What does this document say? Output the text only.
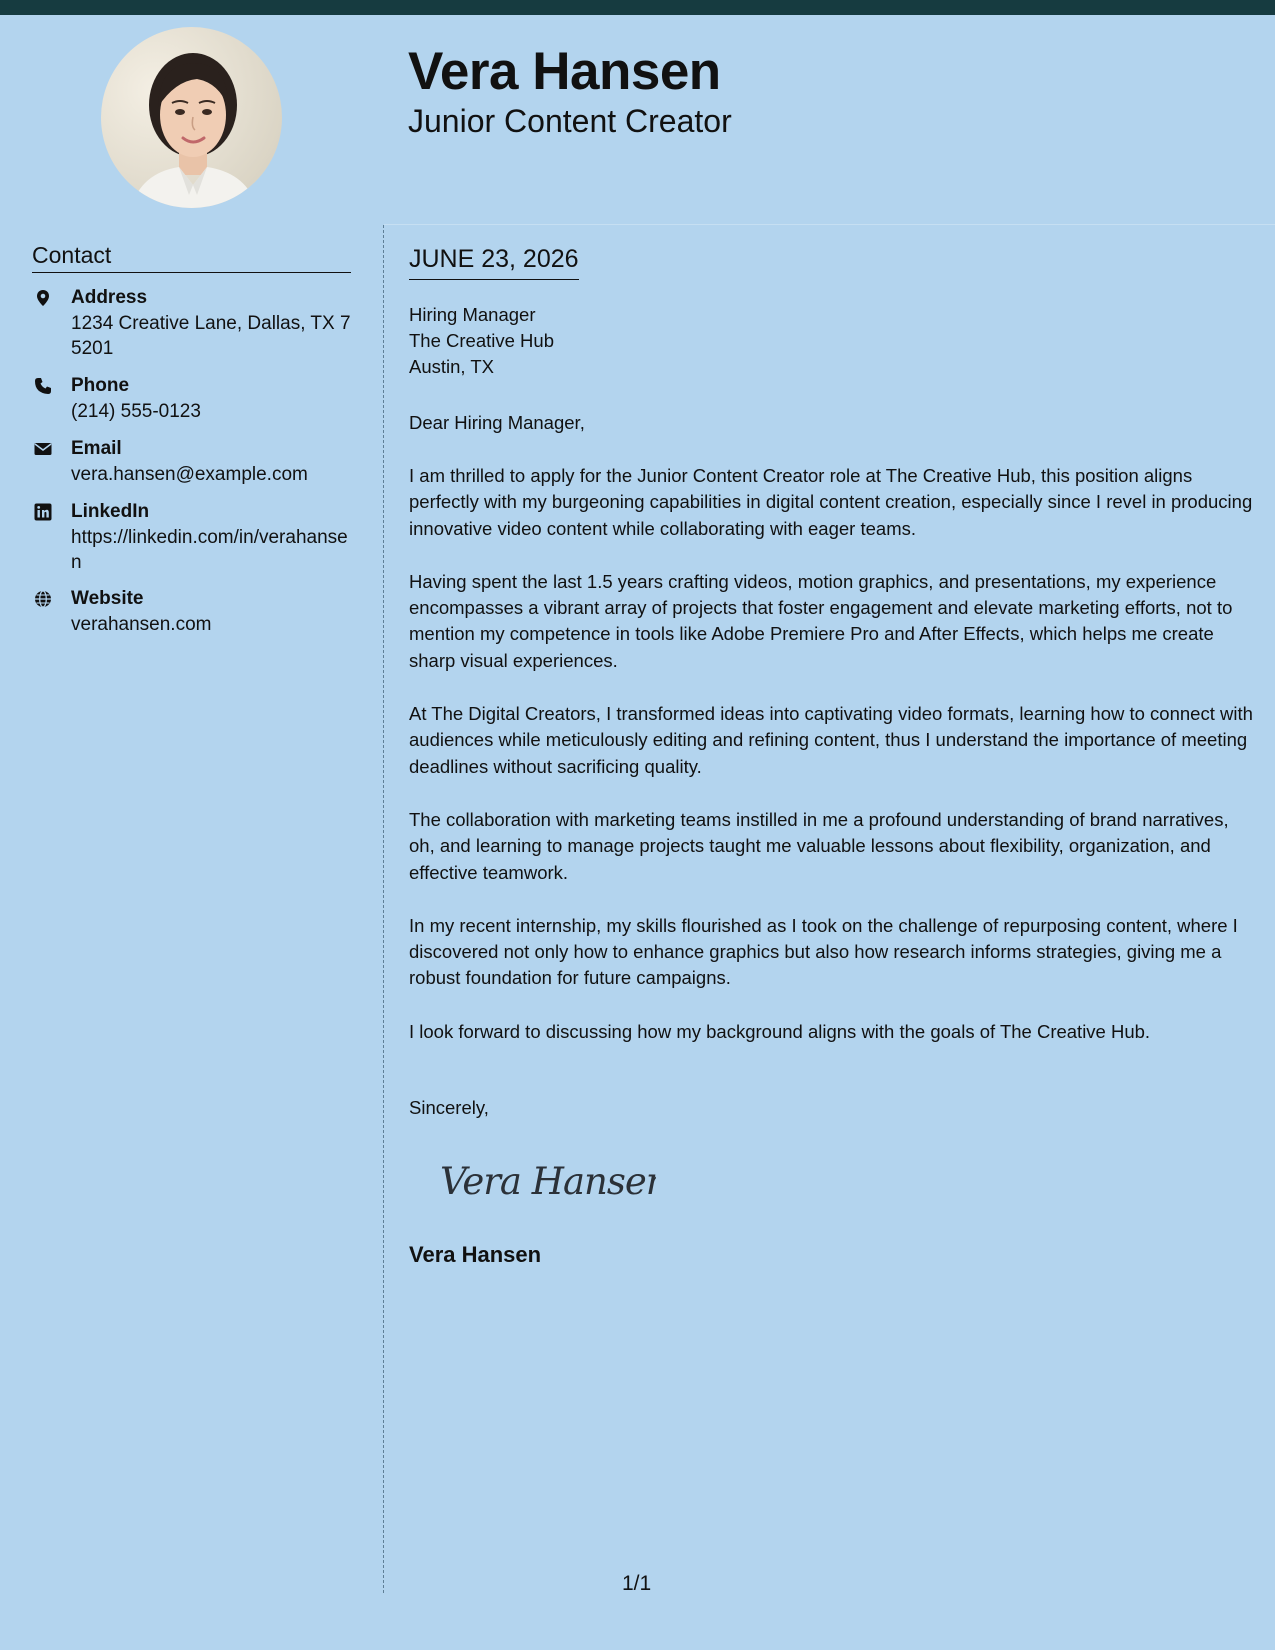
Vera Hansen
Junior Content Creator
Contact
Address
1234 Creative Lane, Dallas, TX 75201
Phone
(214) 555-0123
Email
vera.hansen@example.com
LinkedIn
https://linkedin.com/in/verahansen
Website
verahansen.com
JUNE 23, 2026
Hiring Manager
The Creative Hub
Austin, TX
Dear Hiring Manager,

I am thrilled to apply for the Junior Content Creator role at The Creative Hub, this position aligns perfectly with my burgeoning capabilities in digital content creation, especially since I revel in producing innovative video content while collaborating with eager teams.

Having spent the last 1.5 years crafting videos, motion graphics, and presentations, my experience encompasses a vibrant array of projects that foster engagement and elevate marketing efforts, not to mention my competence in tools like Adobe Premiere Pro and After Effects, which helps me create sharp visual experiences.

At The Digital Creators, I transformed ideas into captivating video formats, learning how to connect with audiences while meticulously editing and refining content, thus I understand the importance of meeting deadlines without sacrificing quality.

The collaboration with marketing teams instilled in me a profound understanding of brand narratives, oh, and learning to manage projects taught me valuable lessons about flexibility, organization, and effective teamwork.

In my recent internship, my skills flourished as I took on the challenge of repurposing content, where I discovered not only how to enhance graphics but also how research informs strategies, giving me a robust foundation for future campaigns.

I look forward to discussing how my background aligns with the goals of The Creative Hub.

Sincerely,
Vera Hansen
Vera Hansen
1/1
